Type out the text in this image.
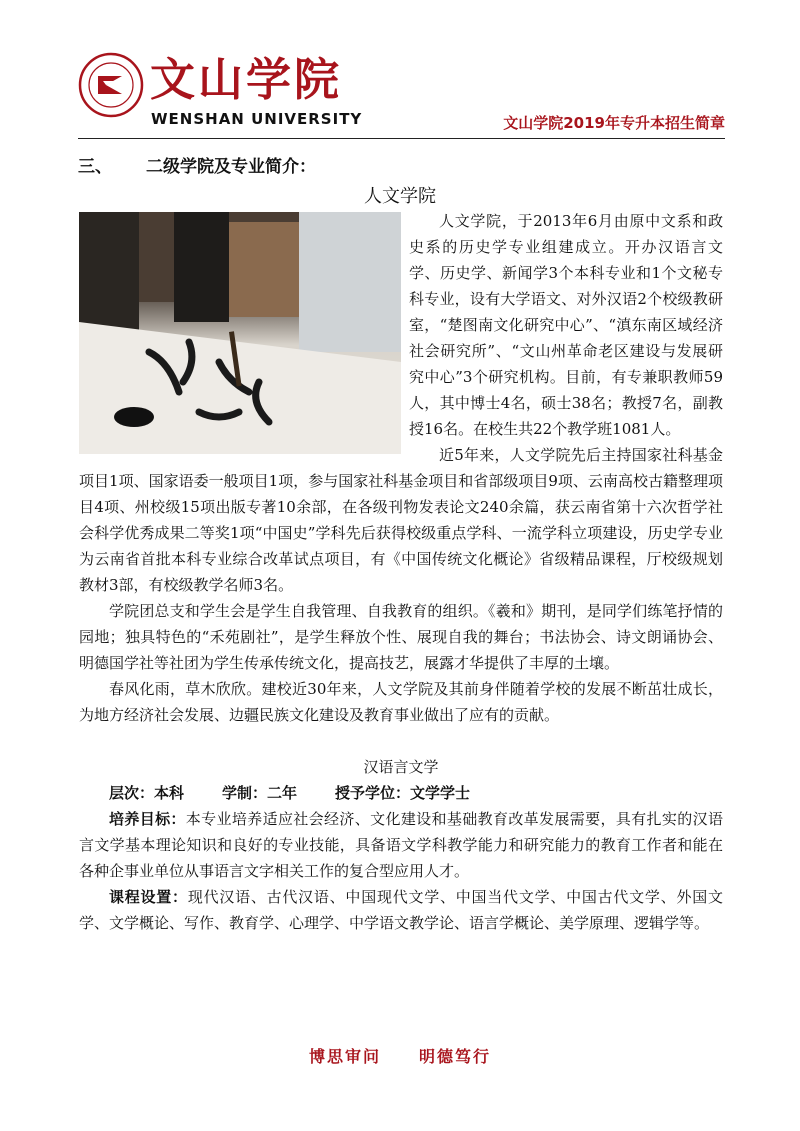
文山学院
WENSHAN UNIVERSITY	文山学院2019年专升本招生简章
三、 二级学院及专业简介：
人文学院

人文学院，于2013年6月由原中文系和政史系的历史学专业组建成立。开办汉语言文学、历史学、新闻学3个本科专业和1个文秘专科专业，设有大学语文、对外汉语2个校级教研室，“楚图南文化研究中心”、“滇东南区域经济社会研究所”、“文山州革命老区建设与发展研究中心”3个研究机构。目前，有专兼职教师59人，其中博士4名，硕士38名；教授7名，副教授16名。在校生共22个教学班1081人。

近5年来，人文学院先后主持国家社科基金项目1项、国家语委一般项目1项，参与国家社科基金项目和省部级项目9项、云南高校古籍整理项目4项、州校级15项出版专著10余部，在各级刊物发表论文240余篇，获云南省第十六次哲学社会科学优秀成果二等奖1项“中国史”学科先后获得校级重点学科、一流学科立项建设，历史学专业为云南省首批本科专业综合改革试点项目，有《中国传统文化概论》省级精品课程，厅校级规划教材3部，有校级教学名师3名。

学院团总支和学生会是学生自我管理、自我教育的组织。《羲和》期刊，是同学们练笔抒情的园地；独具特色的“禾苑剧社”，是学生释放个性、展现自我的舞台；书法协会、诗文朗诵协会、明德国学社等社团为学生传承传统文化，提高技艺，展露才华提供了丰厚的土壤。

春风化雨，草木欣欣。建校近30年来，人文学院及其前身伴随着学校的发展不断茁壮成长，为地方经济社会发展、边疆民族文化建设及教育事业做出了应有的贡献。

汉语言文学

层次：本科	学制：二年	授予学位：文学学士

培养目标：本专业培养适应社会经济、文化建设和基础教育改革发展需要，具有扎实的汉语言文学基本理论知识和良好的专业技能，具备语文学科教学能力和研究能力的教育工作者和能在各种企事业单位从事语言文字相关工作的复合型应用人才。

课程设置：现代汉语、古代汉语、中国现代文学、中国当代文学、中国古代文学、外国文学、文学概论、写作、教育学、心理学、中学语文教学论、语言学概论、美学原理、逻辑学等。

博思审问 明德笃行
